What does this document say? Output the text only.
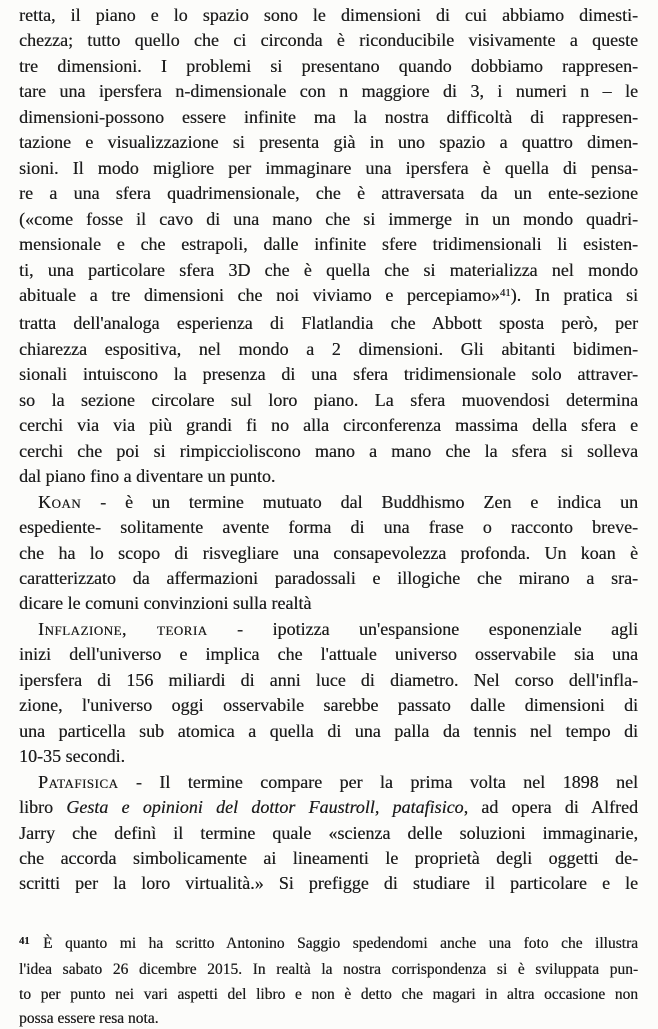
retta, il piano e lo spazio sono le dimensioni di cui abbiamo dimesti-
chezza; tutto quello che ci circonda è riconducibile visivamente a queste
tre dimensioni. I problemi si presentano quando dobbiamo rappresen-
tare una ipersfera n-dimensionale con n maggiore di 3, i numeri n – le
dimensioni-possono essere infinite ma la nostra difficoltà di rappresen-
tazione e visualizzazione si presenta già in uno spazio a quattro dimen-
sioni. Il modo migliore per immaginare una ipersfera è quella di pensa-
re a una sfera quadrimensionale, che è attraversata da un ente-sezione
(«come fosse il cavo di una mano che si immerge in un mondo quadri-
mensionale e che estrapoli, dalle infinite sfere tridimensionali li esisten-
ti, una particolare sfera 3D che è quella che si materializza nel mondo
abituale a tre dimensioni che noi viviamo e percepiamo»$^{41}$). In pratica si
tratta dell'analoga esperienza di Flatlandia che Abbott sposta però, per
chiarezza espositiva, nel mondo a 2 dimensioni. Gli abitanti bidimen-
sionali intuiscono la presenza di una sfera tridimensionale solo attraver-
so la sezione circolare sul loro piano. La sfera muovendosi determina
cerchi via via più grandi fi no alla circonferenza massima della sfera e
cerchi che poi si rimpiccioliscono mano a mano che la sfera si solleva
dal piano fino a diventare un punto.
Koan - è un termine mutuato dal Buddhismo Zen e indica un
espediente- solitamente avente forma di una frase o racconto breve-
che ha lo scopo di risvegliare una consapevolezza profonda. Un koan è
caratterizzato da affermazioni paradossali e illogiche che mirano a sra-
dicare le comuni convinzioni sulla realtà
Inflazione, teoria - ipotizza un'espansione esponenziale agli
inizi dell'universo e implica che l'attuale universo osservabile sia una
ipersfera di 156 miliardi di anni luce di diametro. Nel corso dell'infla-
zione, l'universo oggi osservabile sarebbe passato dalle dimensioni di
una particella sub atomica a quella di una palla da tennis nel tempo di
10-35 secondi.
Patafisica - Il termine compare per la prima volta nel 1898 nel
libro Gesta e opinioni del dottor Faustroll, patafisico, ad opera di Alfred
Jarry che definì il termine quale «scienza delle soluzioni immaginarie,
che accorda simbolicamente ai lineamenti le proprietà degli oggetti de-
scritti per la loro virtualità.» Si prefigge di studiare il particolare e le
$^{41}$ È quanto mi ha scritto Antonino Saggio spedendomi anche una foto che illustra
l'idea sabato 26 dicembre 2015. In realtà la nostra corrispondenza si è sviluppata pun-
to per punto nei vari aspetti del libro e non è detto che magari in altra occasione non
possa essere resa nota.
